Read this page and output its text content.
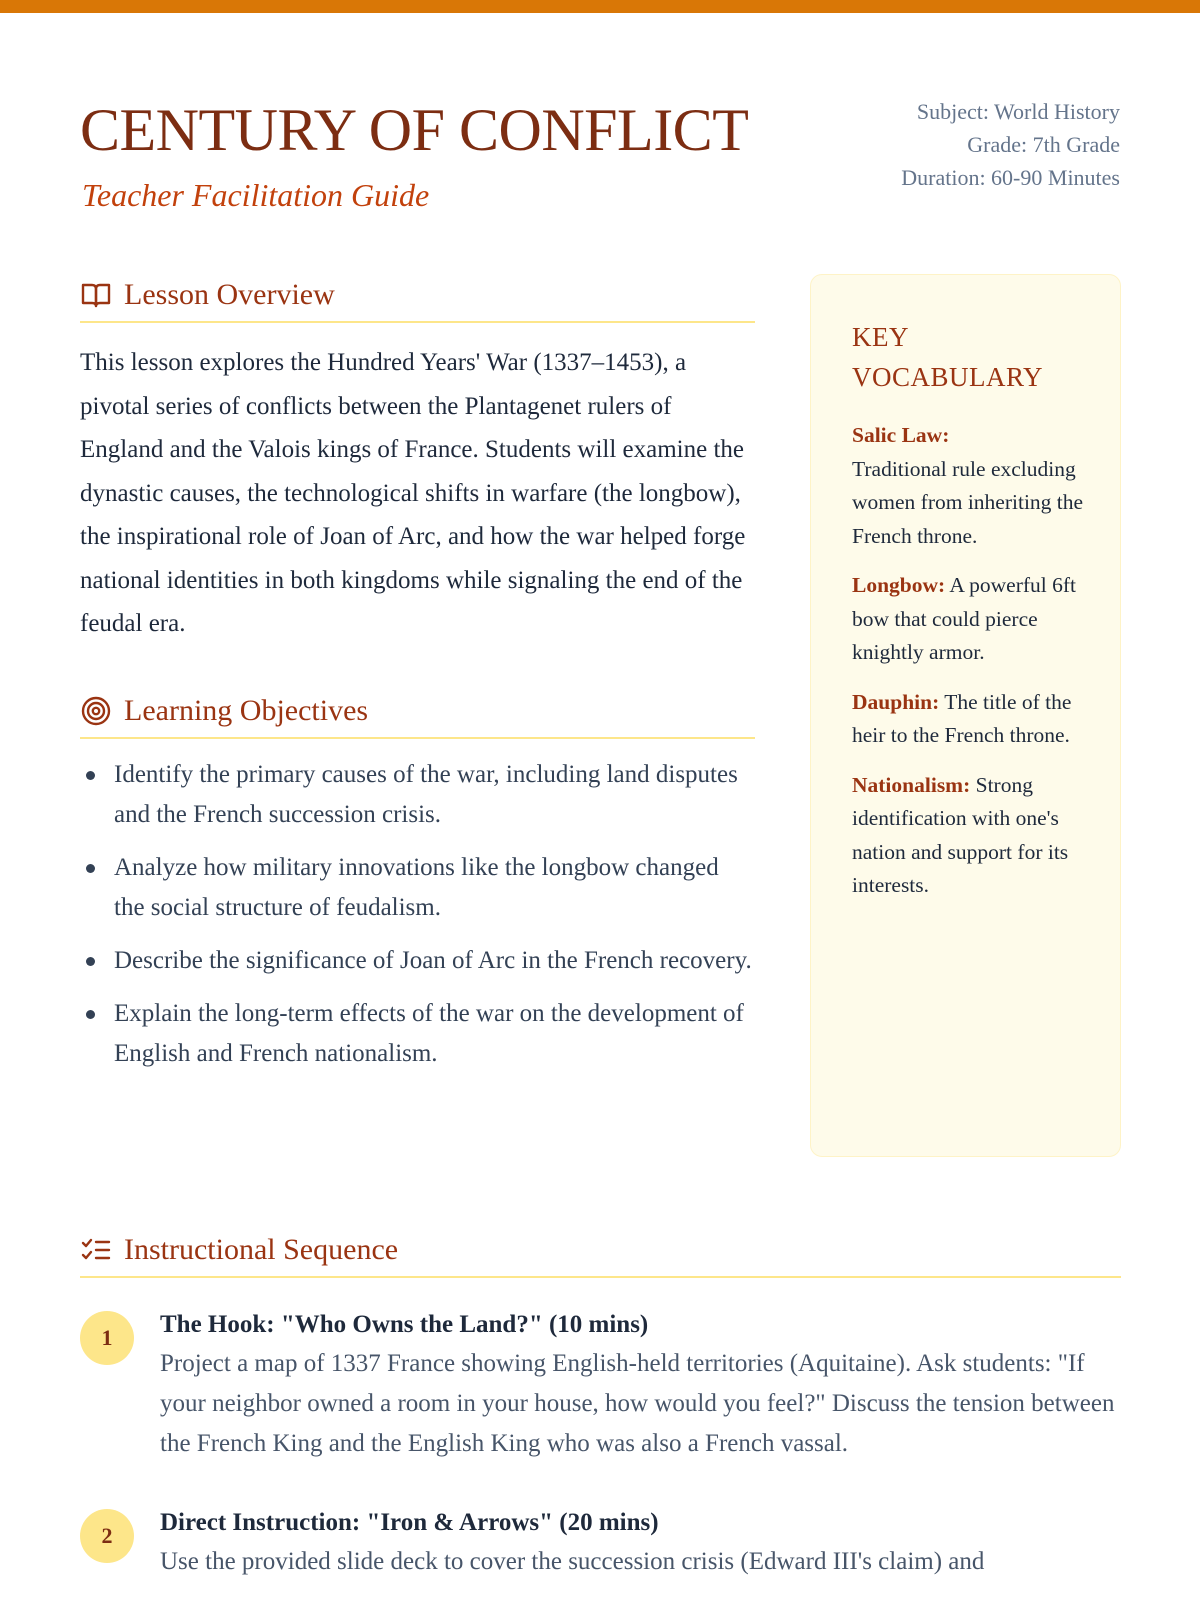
CENTURY OF CONFLICT
Teacher Facilitation Guide
Subject: World History
Grade: 7th Grade
Duration: 60-90 Minutes
Lesson Overview

This lesson explores the Hundred Years' War (1337–1453), a pivotal series of conflicts between the Plantagenet rulers of England and the Valois kings of France. Students will examine the dynastic causes, the technological shifts in warfare (the longbow), the inspirational role of Joan of Arc, and how the war helped forge national identities in both kingdoms while signaling the end of the feudal era.

Learning Objectives
Identify the primary causes of the war, including land disputes and the French succession crisis.
Analyze how military innovations like the longbow changed the social structure of feudalism.
Describe the significance of Joan of Arc in the French recovery.
Explain the long-term effects of the war on the development of English and French nationalism.
KEY VOCABULARY
Salic Law:
Traditional rule excluding women from inheriting the French throne.
Longbow: A powerful 6ft bow that could pierce knightly armor.
Dauphin: The title of the heir to the French throne.
Nationalism: Strong identification with one's nation and support for its interests.
Instructional Sequence
1	The Hook: "Who Owns the Land?" (10 mins)
Project a map of 1337 France showing English-held territories (Aquitaine). Ask students: "If your neighbor owned a room in your house, how would you feel?" Discuss the tension between the French King and the English King who was also a French vassal.
2	Direct Instruction: "Iron & Arrows" (20 mins)
Use the provided slide deck to cover the succession crisis (Edward III's claim) and
